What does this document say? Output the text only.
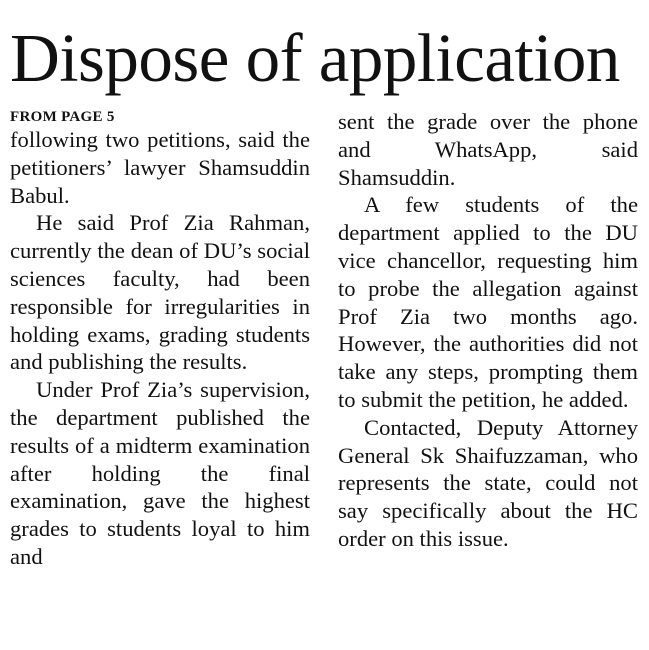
Dispose of application
FROM PAGE 5

following two petitions, said the petitioners’ lawyer Shamsuddin Babul.

He said Prof Zia Rahman, currently the dean of DU’s social sciences faculty, had been responsible for irregularities in holding exams, grading students and publishing the results.

Under Prof Zia’s supervision, the department published the results of a midterm examination after holding the final examination, gave the highest grades to students loyal to him and

sent the grade over the phone and WhatsApp, said Shamsuddin.

A few students of the department applied to the DU vice chancellor, requesting him to probe the allegation against Prof Zia two months ago. However, the authorities did not take any steps, prompting them to submit the petition, he added.

Contacted, Deputy Attorney General Sk Shaifuzzaman, who represents the state, could not say specifically about the HC order on this issue.
